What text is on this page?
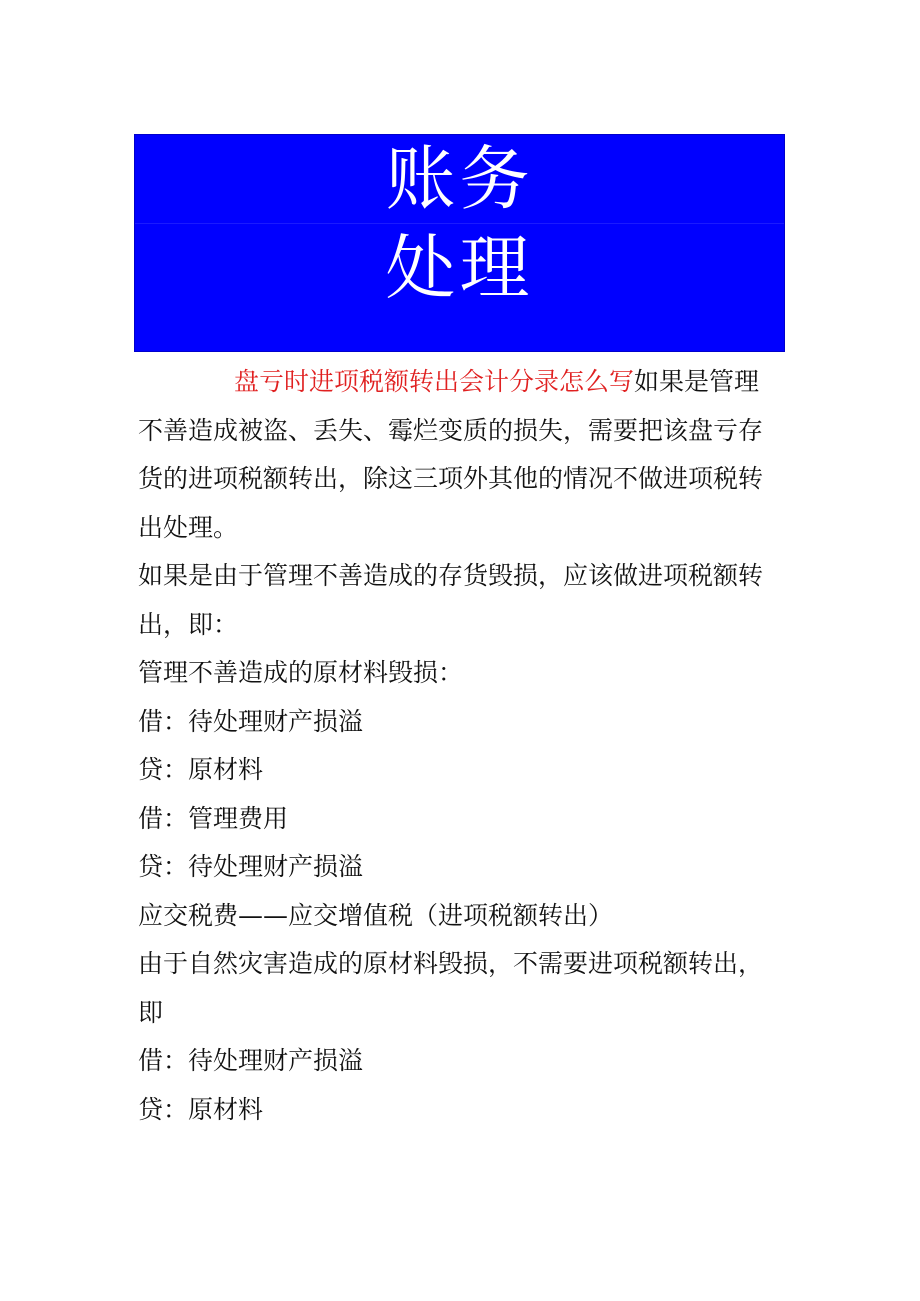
账务
处理

盘亏时进项税额转出会计分录怎么写如果是管理不善造成被盗、丢失、霉烂变质的损失，需要把该盘亏存货的进项税额转出，除这三项外其他的情况不做进项税转出处理。

如果是由于管理不善造成的存货毁损，应该做进项税额转出，即：

管理不善造成的原材料毁损：

借：待处理财产损溢

贷：原材料

借：管理费用

贷：待处理财产损溢

应交税费——应交增值税（进项税额转出）

由于自然灾害造成的原材料毁损，不需要进项税额转出，即

借：待处理财产损溢

贷：原材料
